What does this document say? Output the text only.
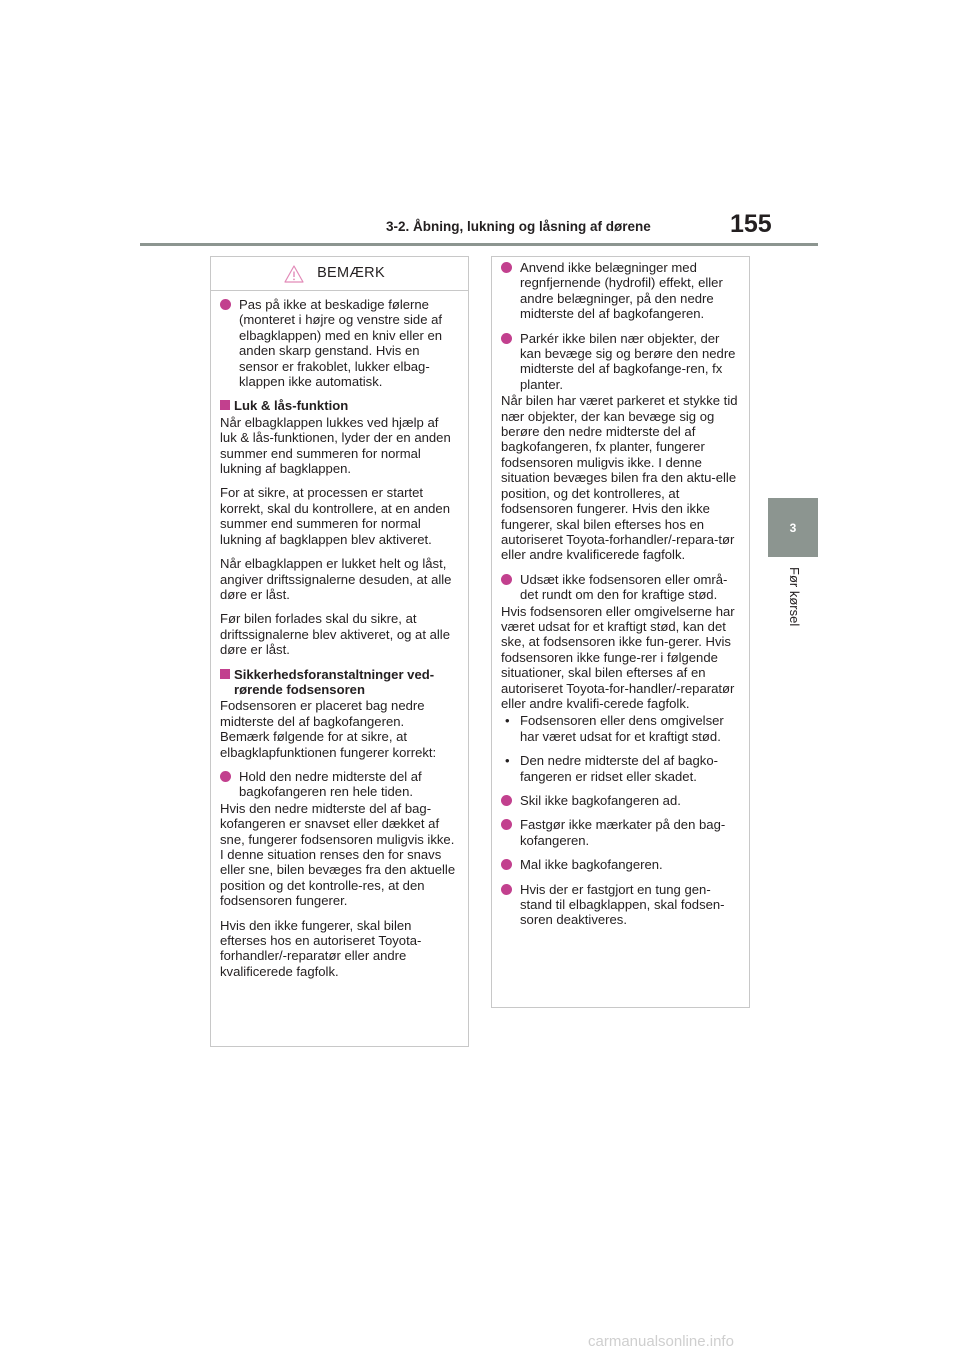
3-2. Åbning, lukning og låsning af dørene	155
3
Før kørsel
BEMÆRK

Pas på ikke at beskadige følerne (monteret i højre og venstre side af elbagklappen) med en kniv eller en anden skarp genstand. Hvis en sensor er frakoblet, lukker elbag-klappen ikke automatisk.

Luk & lås-funktion

Når elbagklappen lukkes ved hjælp af luk & lås-funktionen, lyder der en anden summer end summeren for normal lukning af bagklappen.

For at sikre, at processen er startet korrekt, skal du kontrollere, at en anden summer end summeren for normal lukning af bagklappen blev aktiveret.

Når elbagklappen er lukket helt og låst, angiver driftssignalerne desuden, at alle døre er låst.

Før bilen forlades skal du sikre, at driftssignalerne blev aktiveret, og at alle døre er låst.

Sikkerhedsforanstaltninger ved-rørende fodsensoren

Fodsensoren er placeret bag nedre midterste del af bagkofangeren. Bemærk følgende for at sikre, at elbagklapfunktionen fungerer korrekt:

Hold den nedre midterste del af bagkofangeren ren hele tiden.

Hvis den nedre midterste del af bag-kofangeren er snavset eller dækket af sne, fungerer fodsensoren muligvis ikke. I denne situation renses den for snavs eller sne, bilen bevæges fra den aktuelle position og det kontrolle-res, at den fodsensoren fungerer.

Hvis den ikke fungerer, skal bilen efterses hos en autoriseret Toyota-forhandler/-reparatør eller andre kvalificerede fagfolk.

Anvend ikke belægninger med regnfjernende (hydrofil) effekt, eller andre belægninger, på den nedre midterste del af bagkofangeren.

Parkér ikke bilen nær objekter, der kan bevæge sig og berøre den nedre midterste del af bagkofange-ren, fx planter.

Når bilen har været parkeret et stykke tid nær objekter, der kan bevæge sig og berøre den nedre midterste del af bagkofangeren, fx planter, fungerer fodsensoren muligvis ikke. I denne situation bevæges bilen fra den aktu-elle position, og det kontrolleres, at fodsensoren fungerer. Hvis den ikke fungerer, skal bilen efterses hos en autoriseret Toyota-forhandler/-repara-tør eller andre kvalificerede fagfolk.

Udsæt ikke fodsensoren eller områ-det rundt om den for kraftige stød.

Hvis fodsensoren eller omgivelserne har været udsat for et kraftigt stød, kan det ske, at fodsensoren ikke fun-gerer. Hvis fodsensoren ikke funge-rer i følgende situationer, skal bilen efterses af en autoriseret Toyota-for-handler/-reparatør eller andre kvalifi-cerede fagfolk.

• Fodsensoren eller dens omgivelser har været udsat for et kraftigt stød.

• Den nedre midterste del af bagko-fangeren er ridset eller skadet.

Skil ikke bagkofangeren ad.

Fastgør ikke mærkater på den bag-kofangeren.

Mal ikke bagkofangeren.

Hvis der er fastgjort en tung gen-stand til elbagklappen, skal fodsen-soren deaktiveres.

carmanualsonline.info
